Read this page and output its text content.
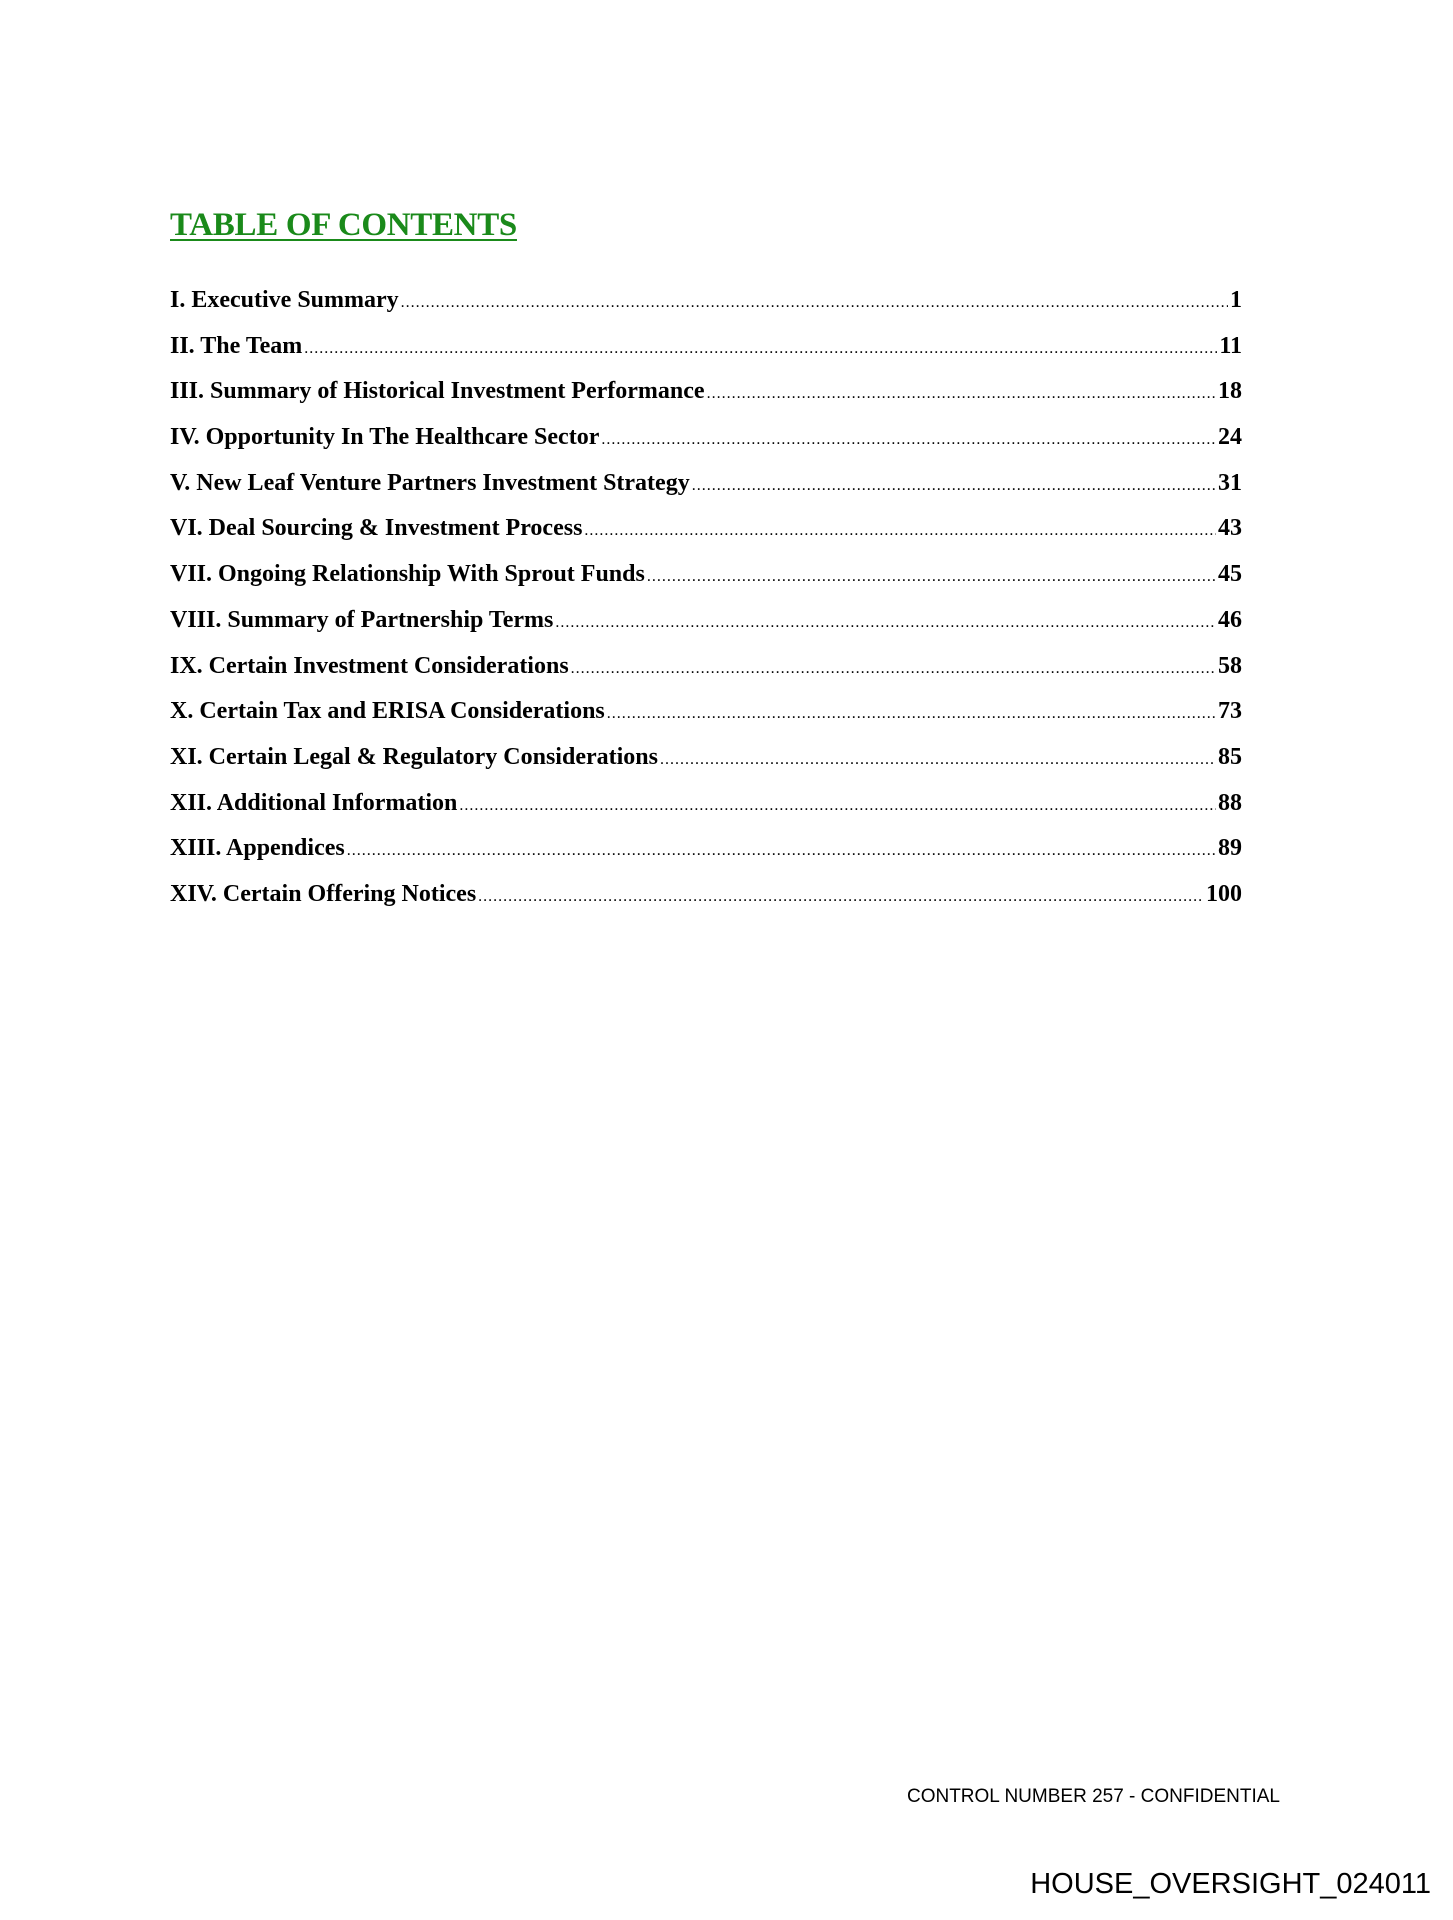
TABLE OF CONTENTS
I. Executive Summary .....	1
II. The Team .....	11
III. Summary of Historical Investment Performance .....	18
IV. Opportunity In The Healthcare Sector .....	24
V. New Leaf Venture Partners Investment Strategy .....	31
VI. Deal Sourcing & Investment Process .....	43
VII. Ongoing Relationship With Sprout Funds .....	45
VIII. Summary of Partnership Terms .....	46
IX. Certain Investment Considerations .....	58
X. Certain Tax and ERISA Considerations .....	73
XI. Certain Legal & Regulatory Considerations .....	85
XII. Additional Information .....	88
XIII. Appendices .....	89
XIV. Certain Offering Notices .....	100
CONTROL NUMBER 257 - CONFIDENTIAL
HOUSE_OVERSIGHT_024011
